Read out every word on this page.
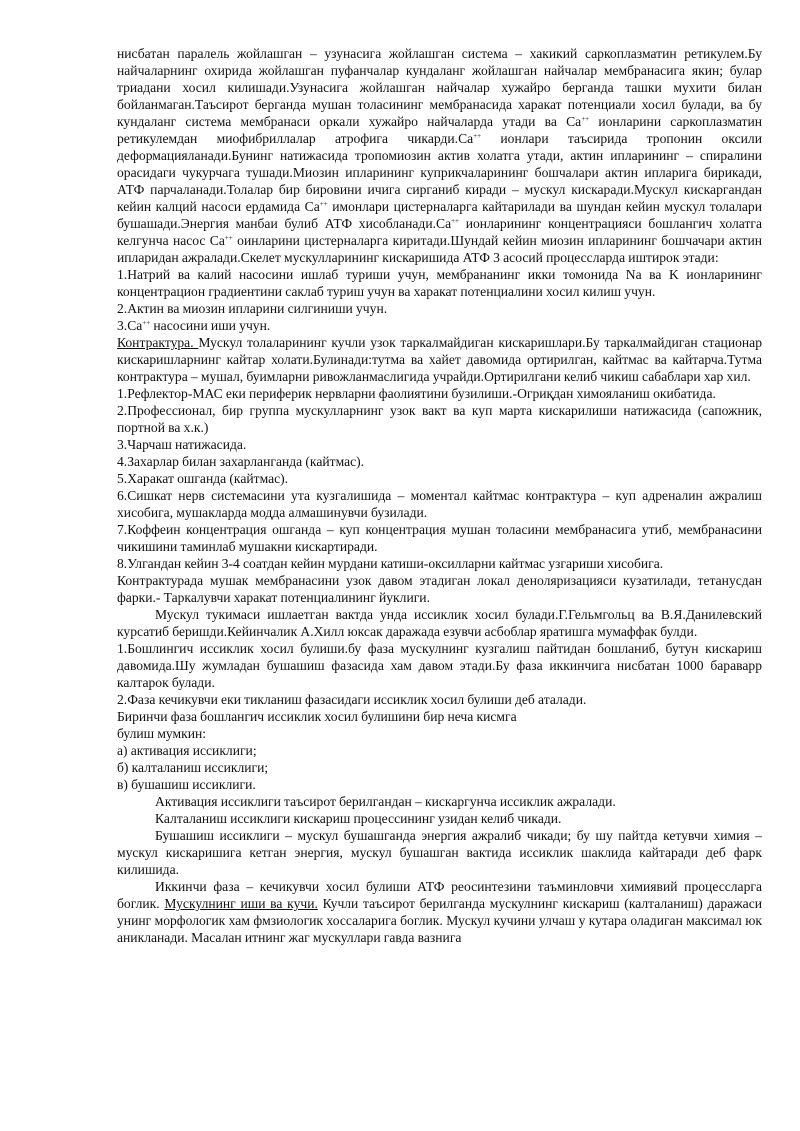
нисбатан паралель жойлашган – узунасига жойлашган система – хакикий саркоплазматин ретикулем.Бу найчаларнинг охирида жойлашган пуфанчалар кундаланг жойлашган найчалар мембранасига якин; булар триадани хосил килишади.Узунасига жойлашган найчалар хужайро берганда ташки мухити билан бойланмаган.Таъсирот берганда мушан толасининг мембранасида харакат потенциали хосил булади, ва бу кундаланг система мембранаси оркали хужайро найчаларда утади ва Ca++ ионларини саркоплазматин ретикулемдан миофибриллалар атрофига чикарди.Ca++ ионлари таъсирида тропонин оксили деформацияланади.Бунинг натижасида тропомиозин актив холатга утади, актин ипларининг – спиралини орасидаги чукурчага тушади.Миозин ипларининг куприкчаларининг бошчалари актин ипларига бирикади, АТФ парчаланади.Толалар бир бировини ичига сирганиб киради – мускул кискаради.Мускул кискаргандан кейин калций насоси ердамида Ca++ имонлари цистерналарга кайтарилади ва шундан кейин мускул толалари бушашади.Энергия манбаи булиб АТФ хисобланади.Ca++ ионларининг концентрацияси бошлангич холатга келгунча насос Ca++ оинларини цистерналарга киритади.Шундай кейин миозин ипларининг бошчачари актин ипларидан ажралади.Скелет мускулларининг кискаришида АТФ 3 асосий процессларда иштирок этади:

1.Натрий ва калий насосини ишлаб туриши учун, мембрананинг икки томонида Na ва K ионларининг концентрацион градиентини саклаб туриш учун ва харакат потенциалини хосил килиш учун.

2.Актин ва миозин ипларини силгиниши учун.

3.Ca++ насосини иши учун.

Контрактура. Мускул толаларининг кучли узок таркалмайдиган кискаришлари.Бу таркалмайдиган стационар кискаришларнинг кайтар холати.Булинади:тутма ва хайет давомида ортирилган, кайтмас ва кайтарча.Тутма контрактура – мушал, буимларни ривожланмаслигида учрайди.Ортирилгани келиб чикиш сабаблари хар хил.

1.Рефлектор-МАС еки периферик нервларни фаолиятини бузилиши.-Огриқдан химояланиш окибатида.

2.Профессионал, бир группа мускулларнинг узок вакт ва куп марта кискарилиши натижасида (сапожник, портной ва х.к.)

3.Чарчаш натижасида.

4.Захарлар билан захарланганда (кайтмас).

5.Харакат ошганда (кайтмас).

6.Сишкат нерв системасини ута кузгалишида – моментал кайтмас контрактура – куп адреналин ажралиш хисобига, мушакларда модда алмашинувчи бузилади.

7.Коффеин концентрация ошганда – куп концентрация мушан толасини мембранасига утиб, мембранасини чикишини таминлаб мушакни кискартиради.

8.Улгандан кейин 3-4 соатдан кейин мурдани катиши-оксилларни кайтмас узгариши хисобига.

Контрактурада мушак мембранасини узок давом этадиган локал деноляризацияси кузатилади, тетанусдан фарки.- Таркалувчи харакат потенциалининг йуклиги.

Мускул тукимаси ишлаетган вактда унда иссиклик хосил булади.Г.Гельмгольц ва В.Я.Данилевский курсатиб беришди.Кейинчалик А.Хилл юксак даражада езувчи асбоблар яратишга мумаффак булди.

1.Бошлингич иссиклик хосил булиши.бу фаза мускулнинг кузгалиш пайтидан бошланиб, бутун кискариш давомида.Шу жумладан бушашиш фазасида хам давом этади.Бу фаза иккинчига нисбатан 1000 бараварр калтарок булади.

2.Фаза кечикувчи еки тикланиш фазасидаги иссиклик хосил булиши деб аталади.

Биринчи фаза бошлангич иссиклик хосил булишини бир неча кисмга

булиш мумкин:

а) активация иссиклиги;

б) калталаниш иссиклиги;

в) бушашиш иссиклиги.

Активация иссиклиги таъсирот берилгандан – кискаргунча иссиклик ажралади.

Калталаниш иссиклиги кискариш процессининг узидан келиб чикади.

Бушашиш иссиклиги – мускул бушашганда энергия ажралиб чикади; бу шу пайтда кетувчи химия – мускул кискаришига кетган энергия, мускул бушашган вактида иссиклик шаклида кайтаради деб фарк килишида.

Иккинчи фаза – кечикувчи хосил булиши АТФ реосинтезини таъминловчи химиявий процессларга боглик. Мускулнинг иши ва кучи. Кучли таъсирот берилганда мускулнинг кискариш (калталаниш) даражаси унинг морфологик хам фмзиологик хоссаларига боглик. Мускул кучини улчаш у кутара оладиган максимал юк аникланади. Масалан итнинг жаг мускуллари гавда вазнига
